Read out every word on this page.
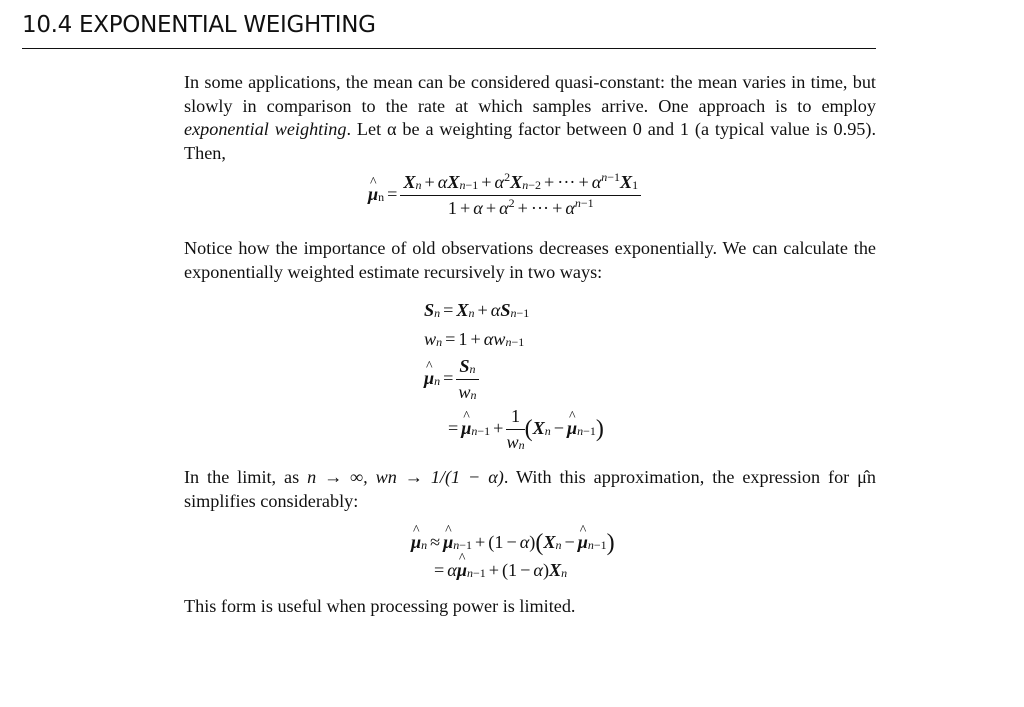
10.4 EXPONENTIAL WEIGHTING
In some applications, the mean can be considered quasi-constant: the mean varies in time, but slowly in comparison to the rate at which samples arrive. One approach is to employ exponential weighting. Let α be a weighting factor between 0 and 1 (a typical value is 0.95). Then,
^ $\mu_n = \frac{X_n + \alpha X_{n-1} + \alpha^2X_{n-2} + \cdot\cdot\cdot + \alpha^{n-1}X_1}{1 + \alpha + \alpha^2 + \cdot\cdot\cdot + \alpha^{n-1}}$
Notice how the importance of old observations decreases exponentially. We can calculate the exponentially weighted estimate recursively in two ways:
$S_n = X_n + \alpha S_{n-1}$
$w_n = 1 + \alpha w_{n-1}$
^ $\mu_n = \frac{S_n}{w_n}$
= ^ $\mu_{n-1} + \frac{1}{w_n} (X_n$ − ^ $\mu_{n-1}$)
In the limit, as n → ∞, wn → 1/(1 − α). With this approximation, the expression for μ̂n simplifies considerably:
^ $\mu_n$ ≈ ^ $\mu_{n-1} + (1 - \alpha)(X_n$ − ^ $\mu_{n-1}$)
= α^ $\mu_{n-1} + (1 - \alpha)X_n$
This form is useful when processing power is limited.
